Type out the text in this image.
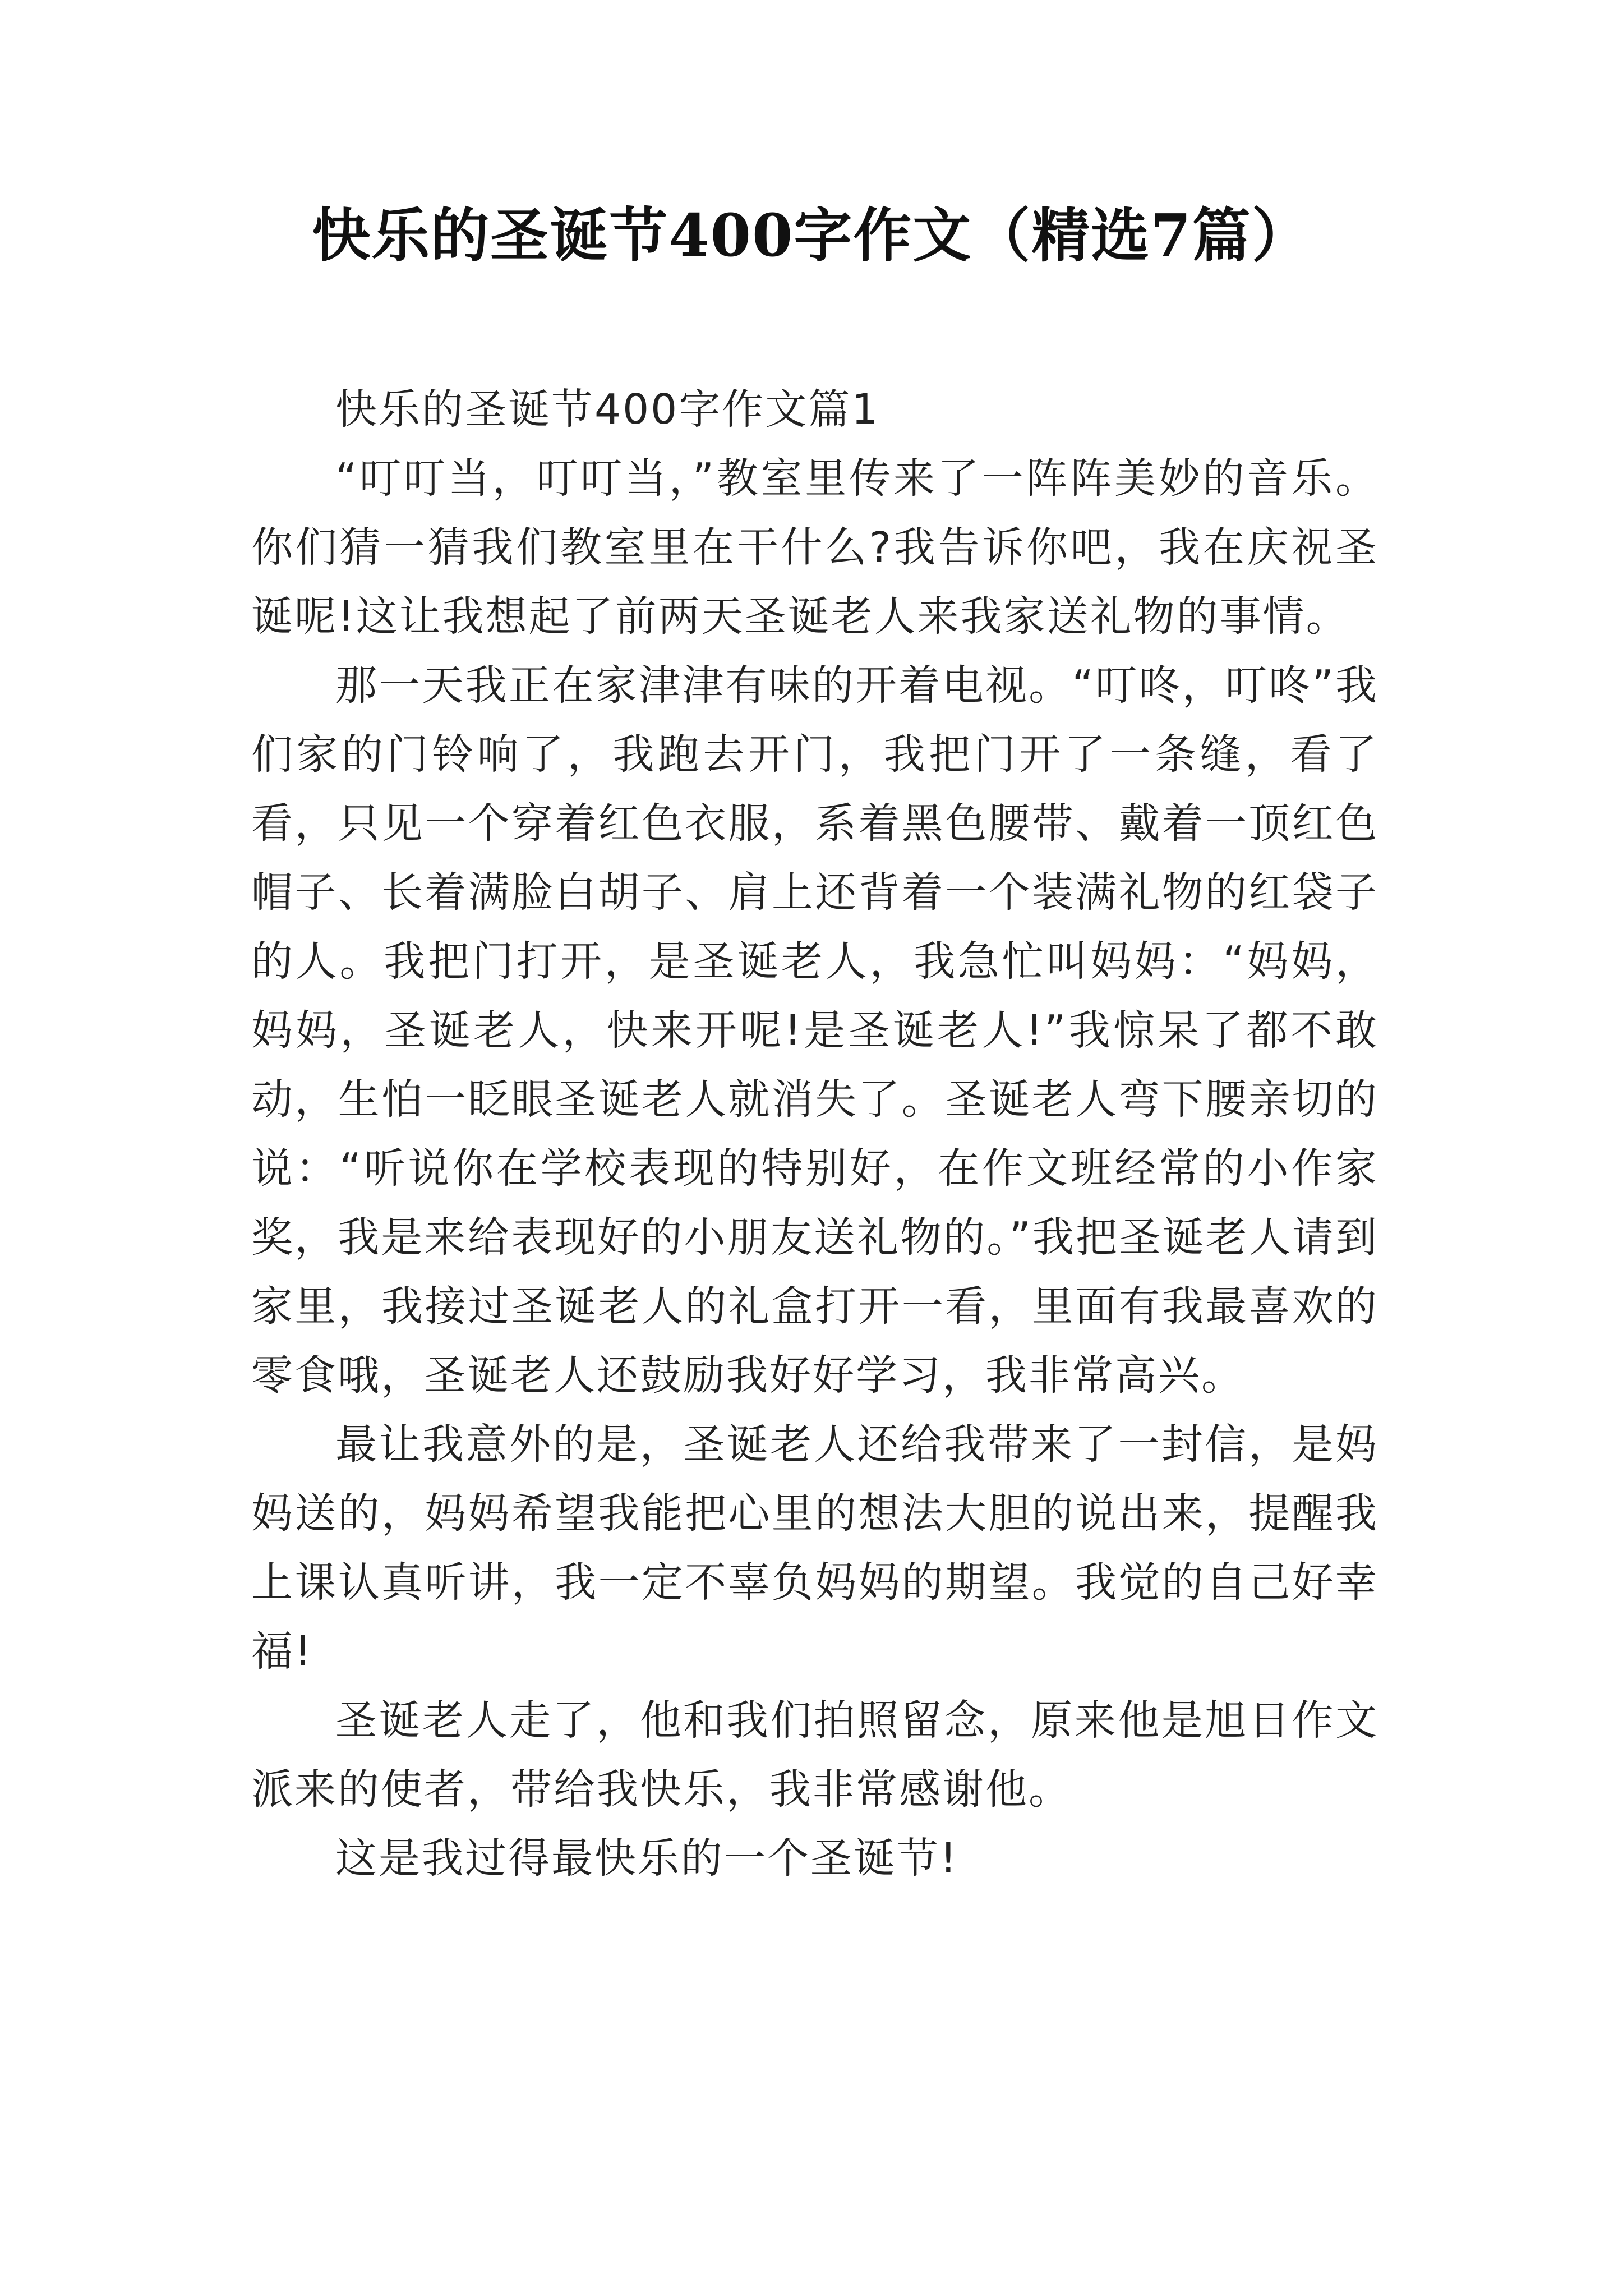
快乐的圣诞节400字作文（精选7篇）

快乐的圣诞节400字作文篇1

“叮叮当，叮叮当，”教室里传来了一阵阵美妙的音乐。你们猜一猜我们教室里在干什么?我告诉你吧，我在庆祝圣诞呢!这让我想起了前两天圣诞老人来我家送礼物的事情。

那一天我正在家津津有味的开着电视。“叮咚，叮咚”我们家的门铃响了，我跑去开门，我把门开了一条缝，看了看，只见一个穿着红色衣服，系着黑色腰带、戴着一顶红色帽子、长着满脸白胡子、肩上还背着一个装满礼物的红袋子的人。我把门打开，是圣诞老人，我急忙叫妈妈：“妈妈，妈妈，圣诞老人，快来开呢!是圣诞老人!”我惊呆了都不敢动，生怕一眨眼圣诞老人就消失了。圣诞老人弯下腰亲切的说：“听说你在学校表现的特别好，在作文班经常的小作家奖，我是来给表现好的小朋友送礼物的。”我把圣诞老人请到家里，我接过圣诞老人的礼盒打开一看，里面有我最喜欢的零食哦，圣诞老人还鼓励我好好学习，我非常高兴。

最让我意外的是，圣诞老人还给我带来了一封信，是妈妈送的，妈妈希望我能把心里的想法大胆的说出来，提醒我上课认真听讲，我一定不辜负妈妈的期望。我觉的自己好幸福!

圣诞老人走了，他和我们拍照留念，原来他是旭日作文派来的使者，带给我快乐，我非常感谢他。

这是我过得最快乐的一个圣诞节!
